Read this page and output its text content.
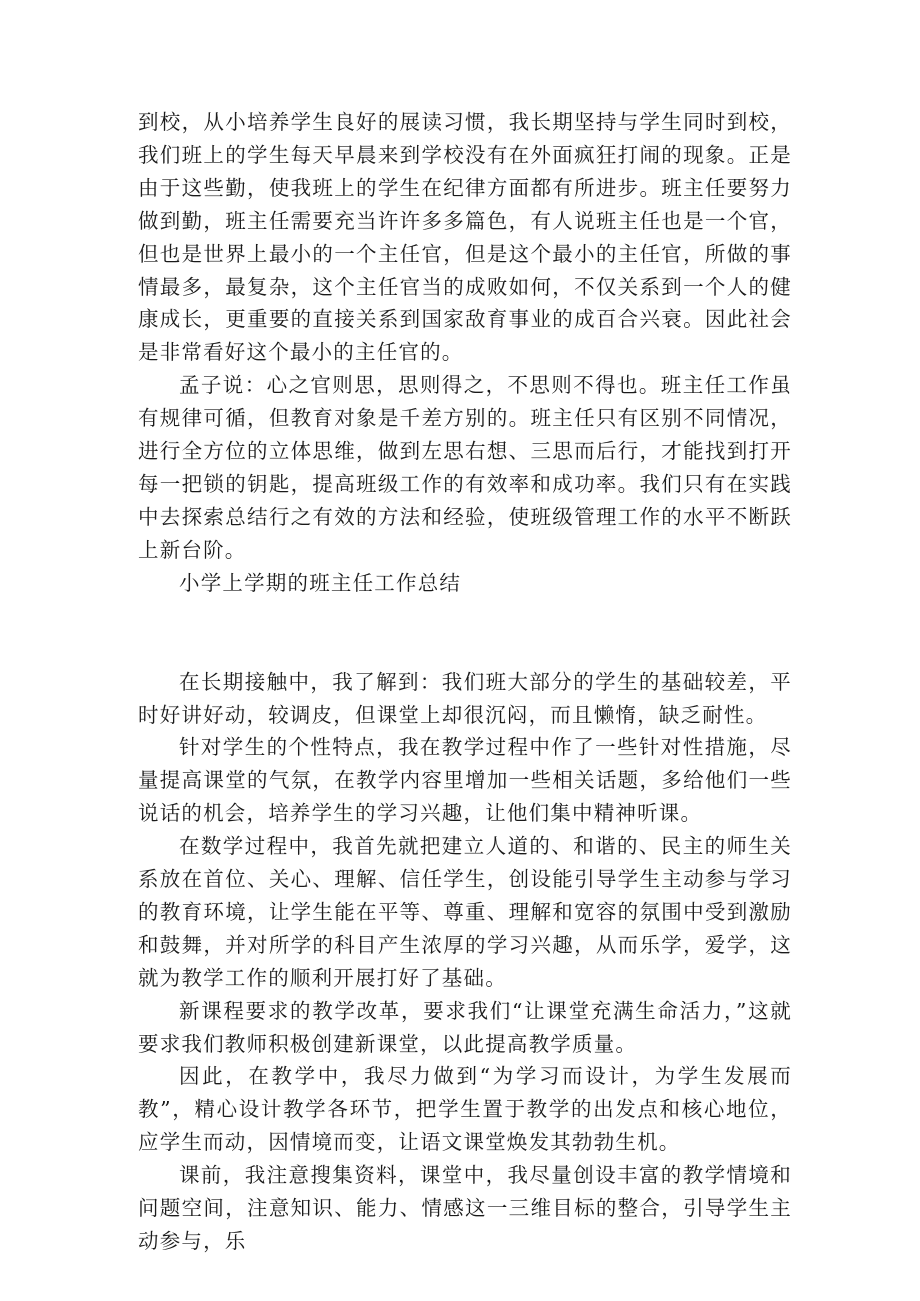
到校，从小培养学生良好的展读习惯，我长期坚持与学生同时到校，我们班上的学生每天早晨来到学校没有在外面疯狂打闹的现象。正是由于这些勤，使我班上的学生在纪律方面都有所进步。班主任要努力做到勤，班主任需要充当许许多多篇色，有人说班主任也是一个官，但也是世界上最小的一个主任官，但是这个最小的主任官，所做的事情最多，最复杂，这个主任官当的成败如何，不仅关系到一个人的健康成长，更重要的直接关系到国家敌育事业的成百合兴衰。因此社会是非常看好这个最小的主任官的。

孟子说：心之官则思，思则得之，不思则不得也。班主任工作虽有规律可循，但教育对象是千差方别的。班主任只有区别不同情况，进行全方位的立体思维，做到左思右想、三思而后行，才能找到打开每一把锁的钥匙，提高班级工作的有效率和成功率。我们只有在实践中去探索总结行之有效的方法和经验，使班级管理工作的水平不断跃上新台阶。

小学上学期的班主任工作总结

在长期接触中，我了解到：我们班大部分的学生的基础较差，平时好讲好动，较调皮，但课堂上却很沉闷，而且懒惰，缺乏耐性。

针对学生的个性特点，我在教学过程中作了一些针对性措施，尽量提高课堂的气氛，在教学内容里增加一些相关话题，多给他们一些说话的机会，培养学生的学习兴趣，让他们集中精神听课。

在数学过程中，我首先就把建立人道的、和谐的、民主的师生关系放在首位、关心、理解、信任学生，创设能引导学生主动参与学习的教育环境，让学生能在平等、尊重、理解和宽容的氛围中受到激励和鼓舞，并对所学的科目产生浓厚的学习兴趣，从而乐学，爱学，这就为教学工作的顺利开展打好了基础。

新课程要求的教学改革，要求我们“让课堂充满生命活力，”这就要求我们教师积极创建新课堂，以此提高教学质量。

因此，在教学中，我尽力做到“为学习而设计，为学生发展而教”，精心设计教学各环节，把学生置于教学的出发点和核心地位，应学生而动，因情境而变，让语文课堂焕发其勃勃生机。

课前，我注意搜集资料，课堂中，我尽量创设丰富的教学情境和问题空间，注意知识、能力、情感这一三维目标的整合，引导学生主动参与，乐
